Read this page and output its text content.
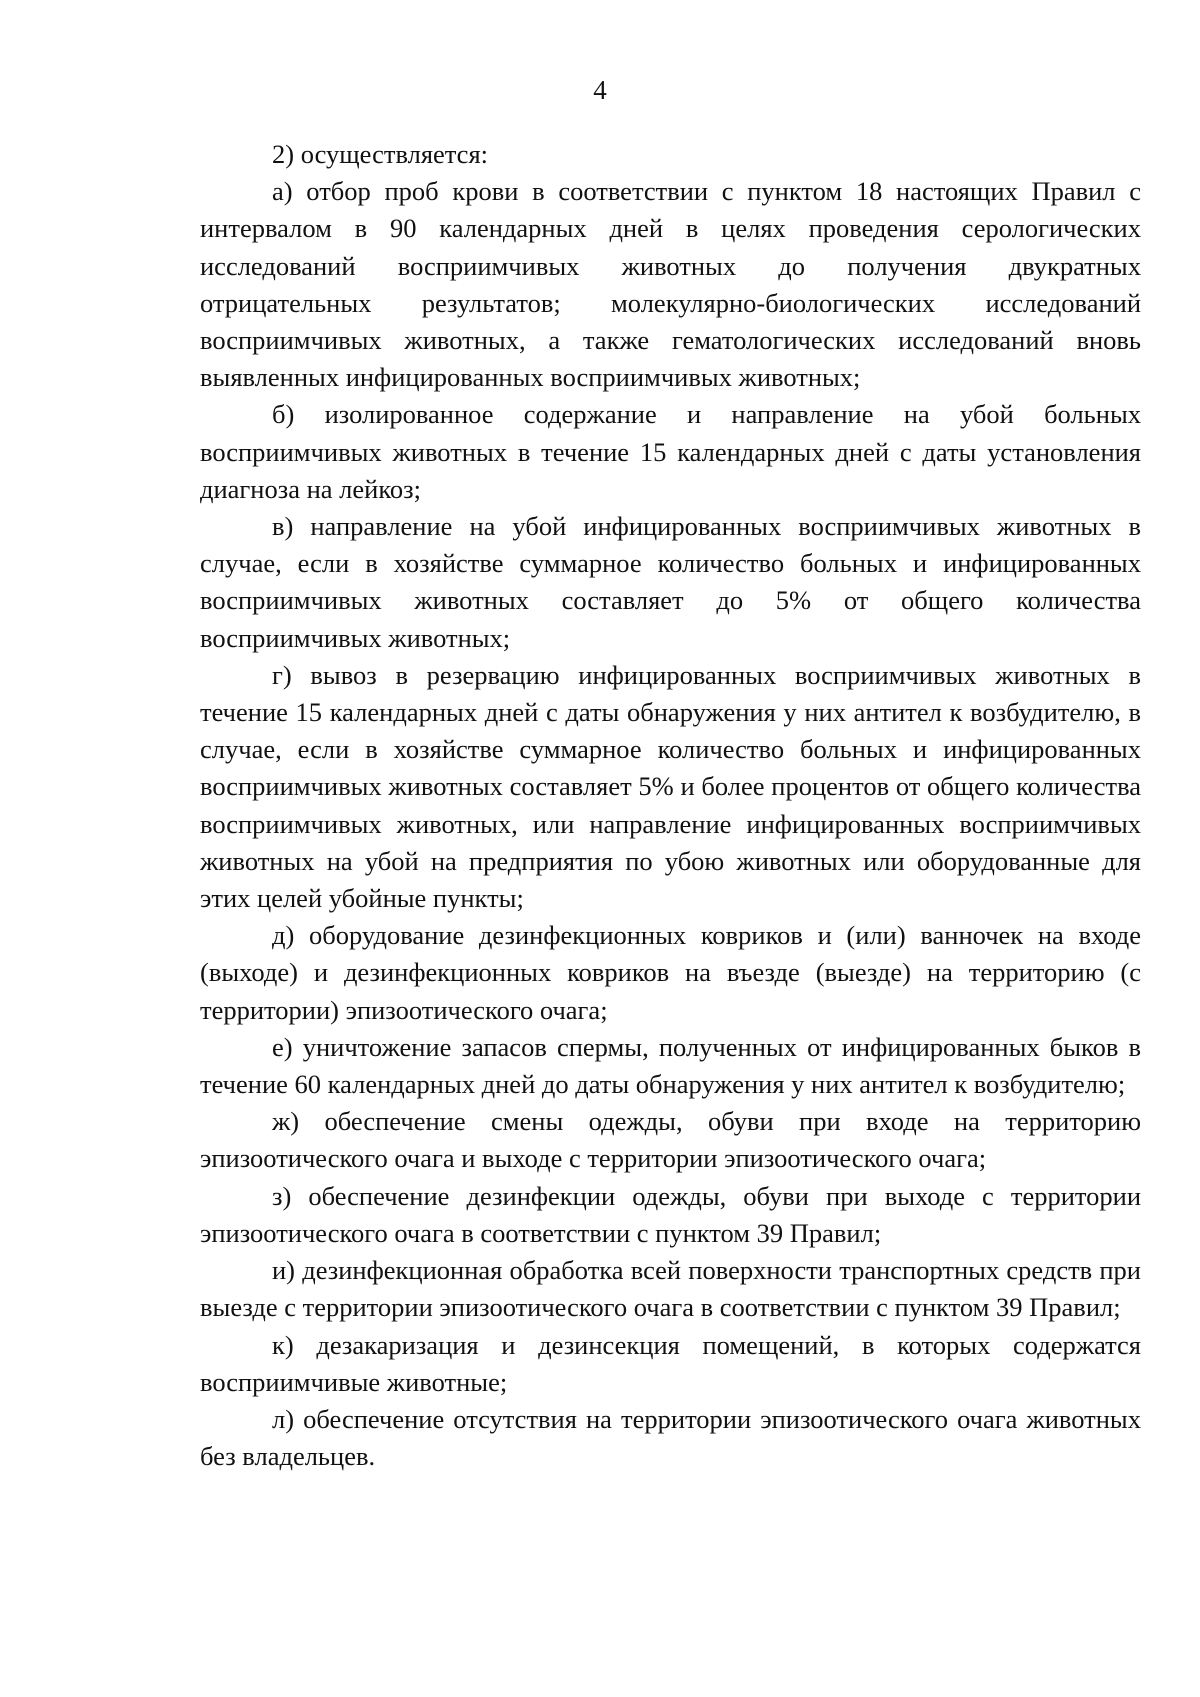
4

2) осуществляется:

а) отбор проб крови в соответствии с пунктом 18 настоящих Правил с интервалом в 90 календарных дней в целях проведения серологических исследований восприимчивых животных до получения двукратных отрицательных результатов; молекулярно-биологических исследований восприимчивых животных, а также гематологических исследований вновь выявленных инфицированных восприимчивых животных;

б) изолированное содержание и направление на убой больных восприимчивых животных в течение 15 календарных дней с даты установления диагноза на лейкоз;

в) направление на убой инфицированных восприимчивых животных в случае, если в хозяйстве суммарное количество больных и инфицированных восприимчивых животных составляет до 5% от общего количества восприимчивых животных;

г) вывоз в резервацию инфицированных восприимчивых животных в течение 15 календарных дней с даты обнаружения у них антител к возбудителю, в случае, если в хозяйстве суммарное количество больных и инфицированных восприимчивых животных составляет 5% и более процентов от общего количества восприимчивых животных, или направление инфицированных восприимчивых животных на убой на предприятия по убою животных или оборудованные для этих целей убойные пункты;

д) оборудование дезинфекционных ковриков и (или) ванночек на входе (выходе) и дезинфекционных ковриков на въезде (выезде) на территорию (с территории) эпизоотического очага;

е) уничтожение запасов спермы, полученных от инфицированных быков в течение 60 календарных дней до даты обнаружения у них антител к возбудителю;

ж) обеспечение смены одежды, обуви при входе на территорию эпизоотического очага и выходе с территории эпизоотического очага;

з) обеспечение дезинфекции одежды, обуви при выходе с территории эпизоотического очага в соответствии с пунктом 39 Правил;

и) дезинфекционная обработка всей поверхности транспортных средств при выезде с территории эпизоотического очага в соответствии с пунктом 39 Правил;

к) дезакаризация и дезинсекция помещений, в которых содержатся восприимчивые животные;

л) обеспечение отсутствия на территории эпизоотического очага животных без владельцев.
